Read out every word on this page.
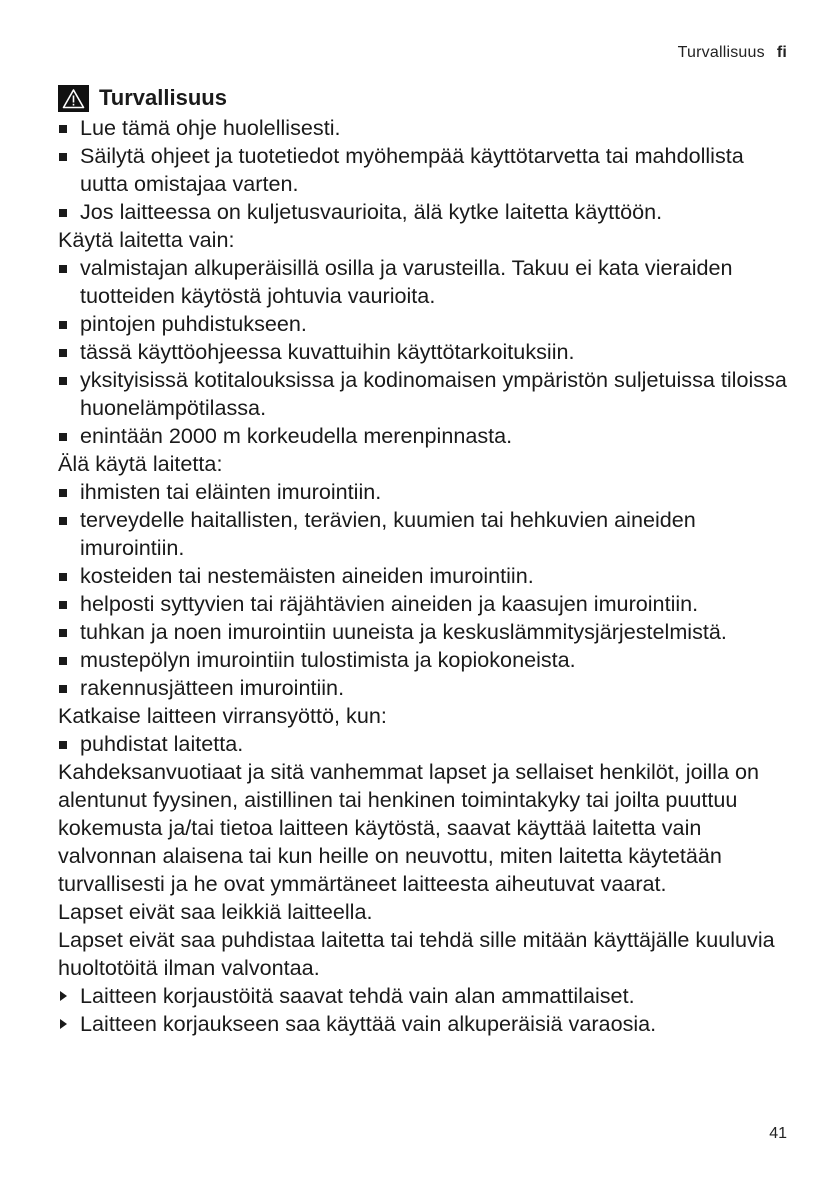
Turvallisuus fi
Turvallisuus
Lue tämä ohje huolellisesti.
Säilytä ohjeet ja tuotetiedot myöhempää käyttötarvetta tai mahdollista uutta omistajaa varten.
Jos laitteessa on kuljetusvaurioita, älä kytke laitetta käyttöön.

Käytä laitetta vain:

valmistajan alkuperäisillä osilla ja varusteilla. Takuu ei kata vieraiden tuotteiden käytöstä johtuvia vaurioita.
pintojen puhdistukseen.
tässä käyttöohjeessa kuvattuihin käyttötarkoituksiin.
yksityisissä kotitalouksissa ja kodinomaisen ympäristön suljetuissa tiloissa huonelämpötilassa.
enintään 2000 m korkeudella merenpinnasta.

Älä käytä laitetta:

ihmisten tai eläinten imurointiin.
terveydelle haitallisten, terävien, kuumien tai hehkuvien aineiden imurointiin.
kosteiden tai nestemäisten aineiden imurointiin.
helposti syttyvien tai räjähtävien aineiden ja kaasujen imurointiin.
tuhkan ja noen imurointiin uuneista ja keskuslämmitysjärjestelmistä.
mustepölyn imurointiin tulostimista ja kopiokoneista.
rakennusjätteen imurointiin.

Katkaise laitteen virransyöttö, kun:

puhdistat laitetta.

Kahdeksanvuotiaat ja sitä vanhemmat lapset ja sellaiset henkilöt, joilla on alentunut fyysinen, aistillinen tai henkinen toimintakyky tai joilta puuttuu kokemusta ja/tai tietoa laitteen käytöstä, saavat käyttää laitetta vain valvonnan alaisena tai kun heille on neuvottu, miten laitetta käytetään turvallisesti ja he ovat ymmärtäneet laitteesta aiheutuvat vaarat.

Lapset eivät saa leikkiä laitteella.

Lapset eivät saa puhdistaa laitetta tai tehdä sille mitään käyttäjälle kuuluvia huoltotöitä ilman valvontaa.

Laitteen korjaustöitä saavat tehdä vain alan ammattilaiset.
Laitteen korjaukseen saa käyttää vain alkuperäisiä varaosia.
41
